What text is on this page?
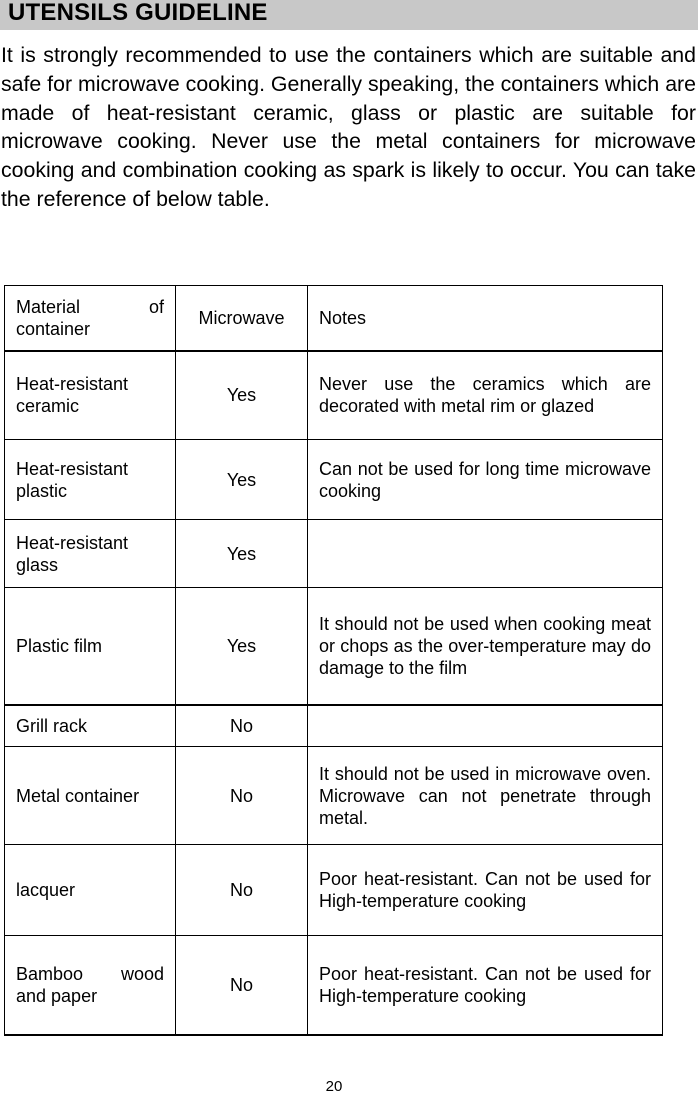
UTENSILS GUIDELINE

It is strongly recommended to use the containers which are suitable and safe for microwave cooking. Generally speaking, the containers which are made of heat-resistant ceramic, glass or plastic are suitable for microwave cooking. Never use the metal containers for microwave cooking and combination cooking as spark is likely to occur. You can take the reference of below table.

Material of container	Microwave	Notes
Heat-resistant ceramic	Yes	Never use the ceramics which are decorated with metal rim or glazed
Heat-resistant plastic	Yes	Can not be used for long time microwave cooking
Heat-resistant glass	Yes	
Plastic film	Yes	It should not be used when cooking meat or chops as the over-temperature may do damage to the film
Grill rack	No	
Metal container	No	It should not be used in microwave oven. Microwave can not penetrate through metal.
lacquer	No	Poor heat-resistant. Can not be used for High-temperature cooking
Bamboo wood and paper	No	Poor heat-resistant. Can not be used for High-temperature cooking
20
